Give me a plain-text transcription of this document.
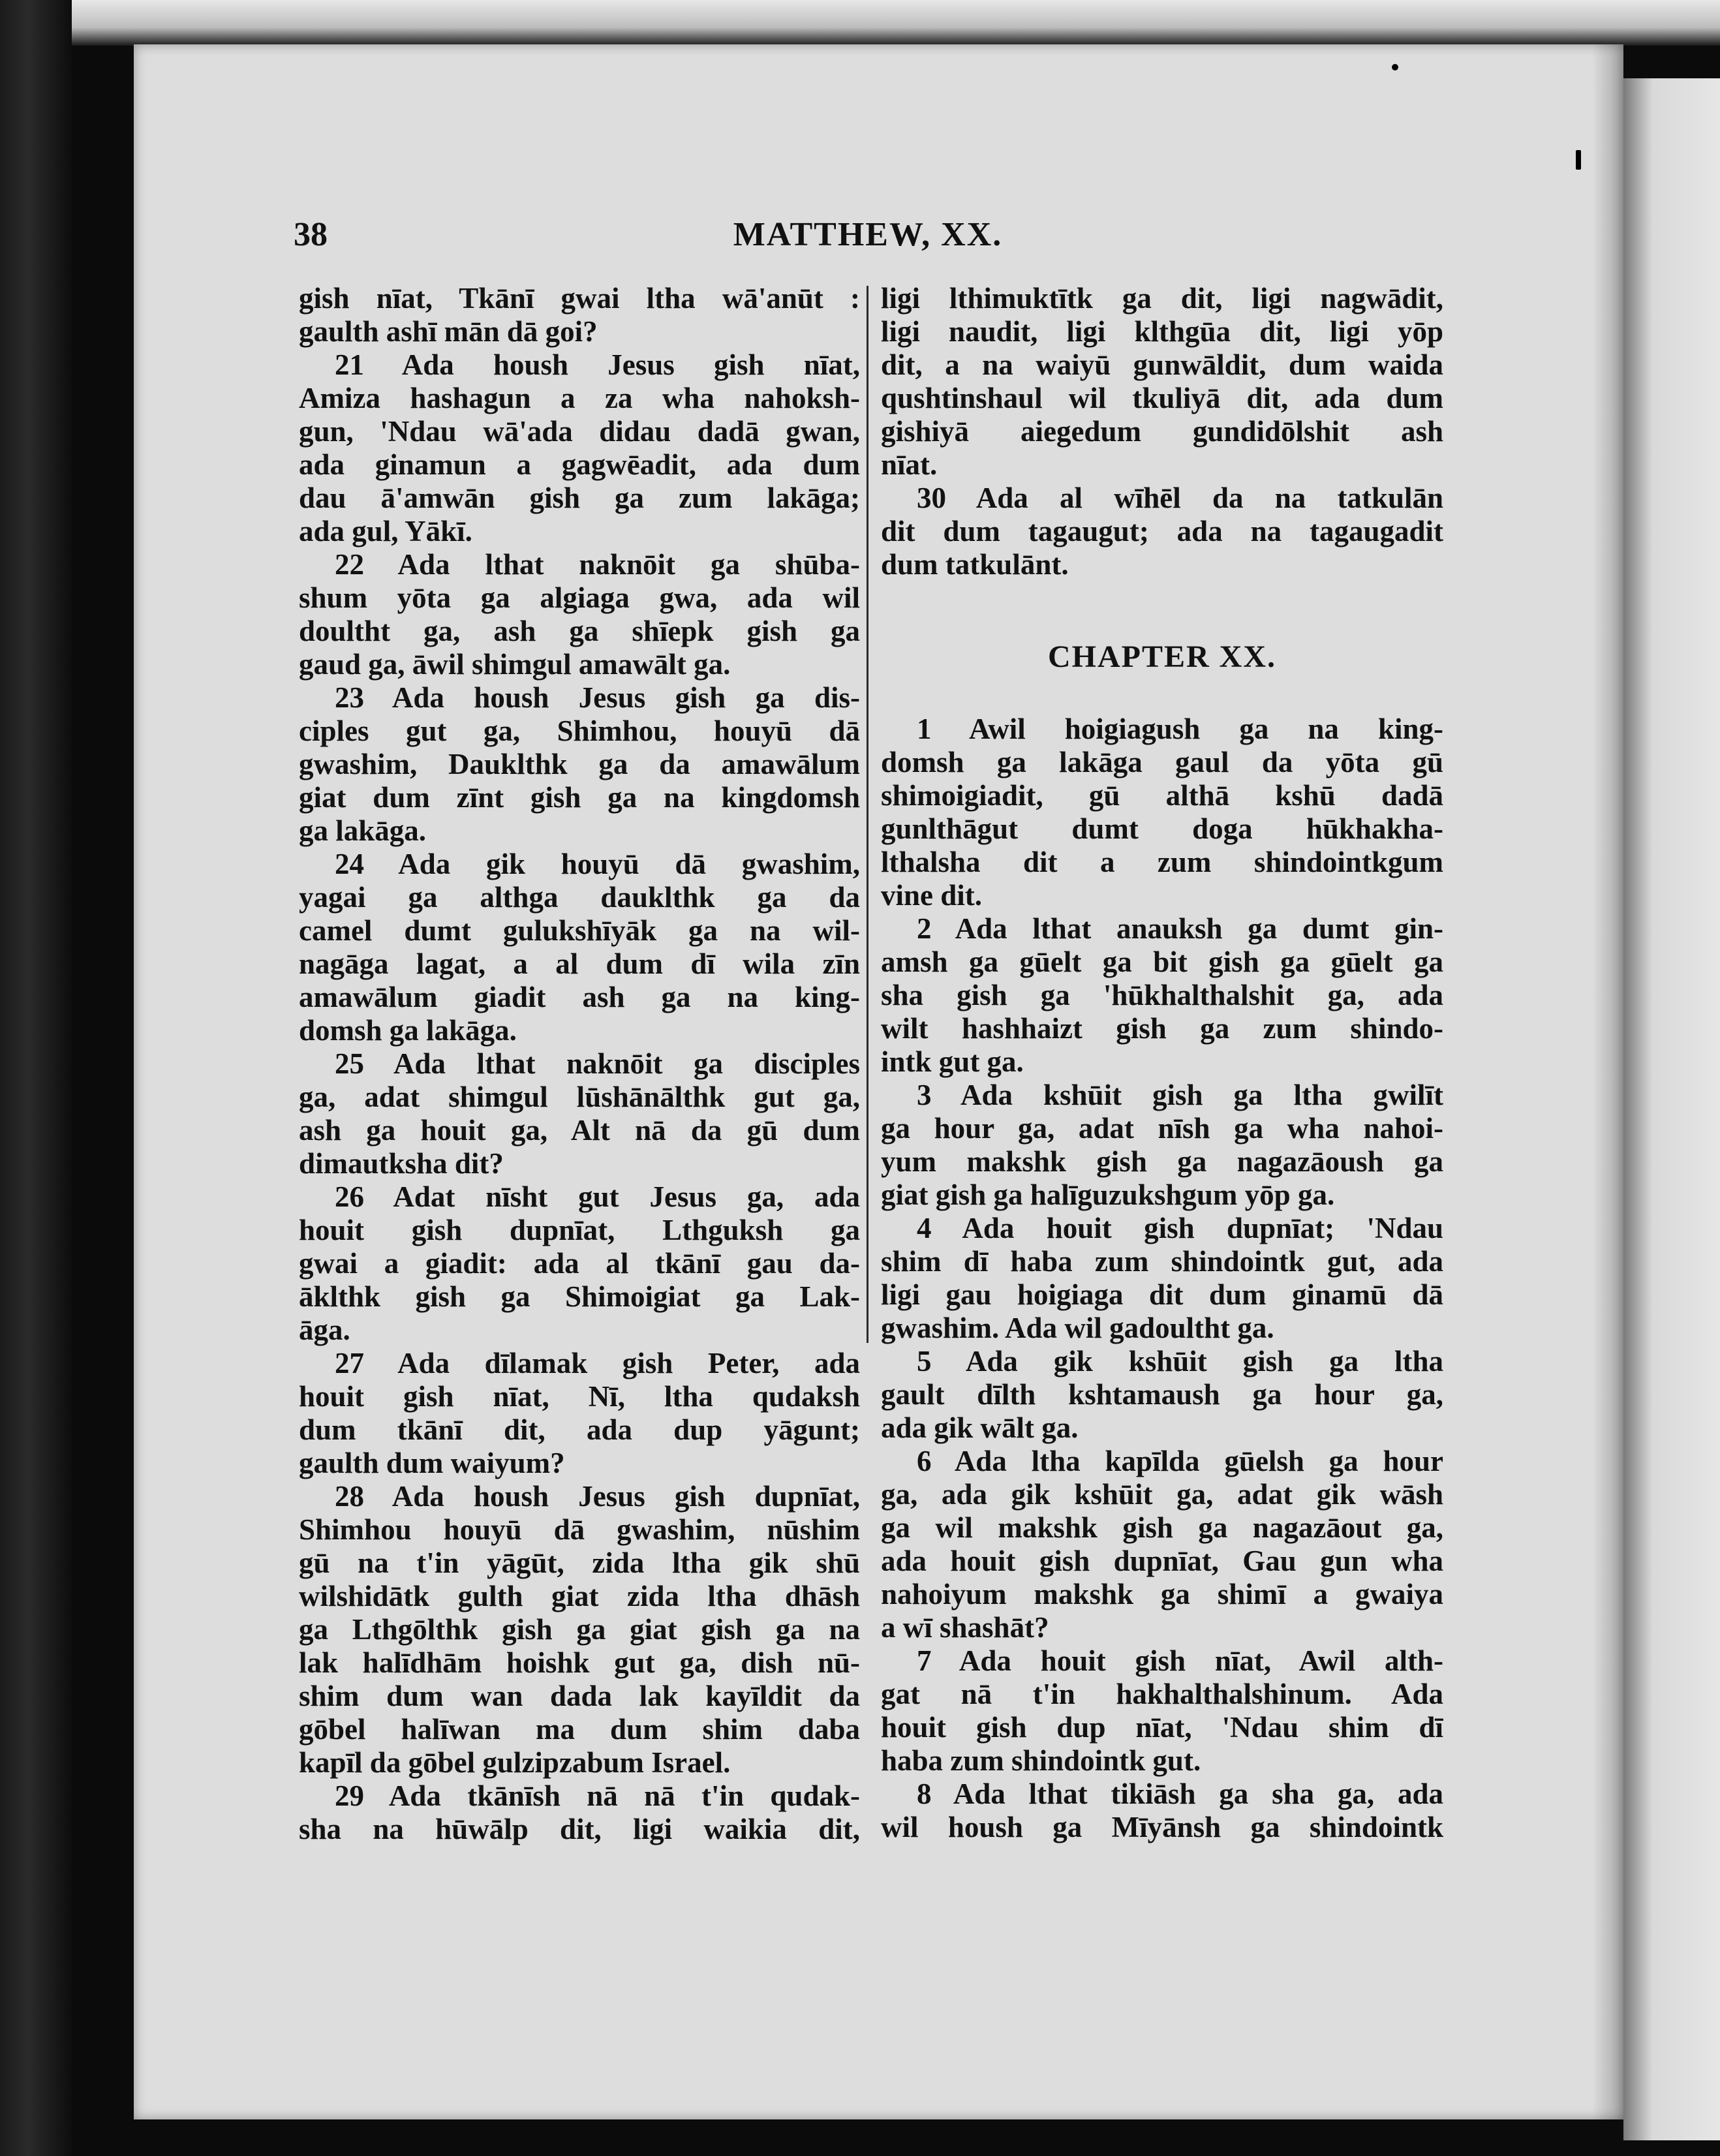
38	MATTHEW, XX.
gish nīat, Tkānī gwai ltha wā'anūt :
gaulth ashī mān dā goi?
21 Ada housh Jesus gish nīat,
Amiza hashagun a za wha nahoksh-
gun, 'Ndau wā'ada didau dadā gwan,
ada ginamun a gagwēadit, ada dum
dau ā'amwān gish ga zum lakāga;
ada gul, Yākī.
22 Ada lthat naknōit ga shūba-
shum yōta ga algiaga gwa, ada wil
doultht ga, ash ga shīepk gish ga
gaud ga, āwil shimgul amawālt ga.
23 Ada housh Jesus gish ga dis-
ciples gut ga, Shimhou, houyū dā
gwashim, Dauklthk ga da amawālum
giat dum zīnt gish ga na kingdomsh
ga lakāga.
24 Ada gik houyū dā gwashim,
yagai ga althga dauklthk ga da
camel dumt gulukshīyāk ga na wil-
nagāga lagat, a al dum dī wila zīn
amawālum giadit ash ga na king-
domsh ga lakāga.
25 Ada lthat naknōit ga disciples
ga, adat shimgul lūshānālthk gut ga,
ash ga houit ga, Alt nā da gū dum
dimautksha dit?
26 Adat nīsht gut Jesus ga, ada
houit gish dupnīat, Lthguksh ga
gwai a giadit: ada al tkānī gau da-
āklthk gish ga Shimoigiat ga Lak-
āga.
27 Ada dīlamak gish Peter, ada
houit gish nīat, Nī, ltha qudaksh
dum tkānī dit, ada dup yāgunt;
gaulth dum waiyum?
28 Ada housh Jesus gish dupnīat,
Shimhou houyū dā gwashim, nūshim
gū na t'in yāgūt, zida ltha gik shū
wilshidātk gulth giat zida ltha dhāsh
ga Lthgōlthk gish ga giat gish ga na
lak halīdhām hoishk gut ga, dish nū-
shim dum wan dada lak kayīldit da
gōbel halīwan ma dum shim daba
kapīl da gōbel gulzipzabum Israel.
29 Ada tkānīsh nā nā t'in qudak-
sha na hūwālp dit, ligi waikia dit,
ligi lthimuktītk ga dit, ligi nagwādit,
ligi naudit, ligi klthgūa dit, ligi yōp
dit, a na waiyū gunwāldit, dum waida
qushtinshaul wil tkuliyā dit, ada dum
gishiyā aiegedum gundidōlshit ash
nīat.
30 Ada al wīhēl da na tatkulān
dit dum tagaugut; ada na tagaugadit
dum tatkulānt.
CHAPTER XX.
1 Awil hoigiagush ga na king-
domsh ga lakāga gaul da yōta gū
shimoigiadit, gū althā kshū dadā
gunlthāgut dumt doga hūkhakha-
lthalsha dit a zum shindointkgum
vine dit.
2 Ada lthat anauksh ga dumt gin-
amsh ga gūelt ga bit gish ga gūelt ga
sha gish ga 'hūkhalthalshit ga, ada
wilt hashhaizt gish ga zum shindo-
intk gut ga.
3 Ada kshūit gish ga ltha gwilīt
ga hour ga, adat nīsh ga wha nahoi-
yum makshk gish ga nagazāoush ga
giat gish ga halīguzukshgum yōp ga.
4 Ada houit gish dupnīat; 'Ndau
shim dī haba zum shindointk gut, ada
ligi gau hoigiaga dit dum ginamū dā
gwashim. Ada wil gadoultht ga.
5 Ada gik kshūit gish ga ltha
gault dīlth kshtamaush ga hour ga,
ada gik wālt ga.
6 Ada ltha kapīlda gūelsh ga hour
ga, ada gik kshūit ga, adat gik wāsh
ga wil makshk gish ga nagazāout ga,
ada houit gish dupnīat, Gau gun wha
nahoiyum makshk ga shimī a gwaiya
a wī shashāt?
7 Ada houit gish nīat, Awil alth-
gat nā t'in hakhalthalshinum. Ada
houit gish dup nīat, 'Ndau shim dī
haba zum shindointk gut.
8 Ada lthat tikiāsh ga sha ga, ada
wil housh ga Mīyānsh ga shindointk
